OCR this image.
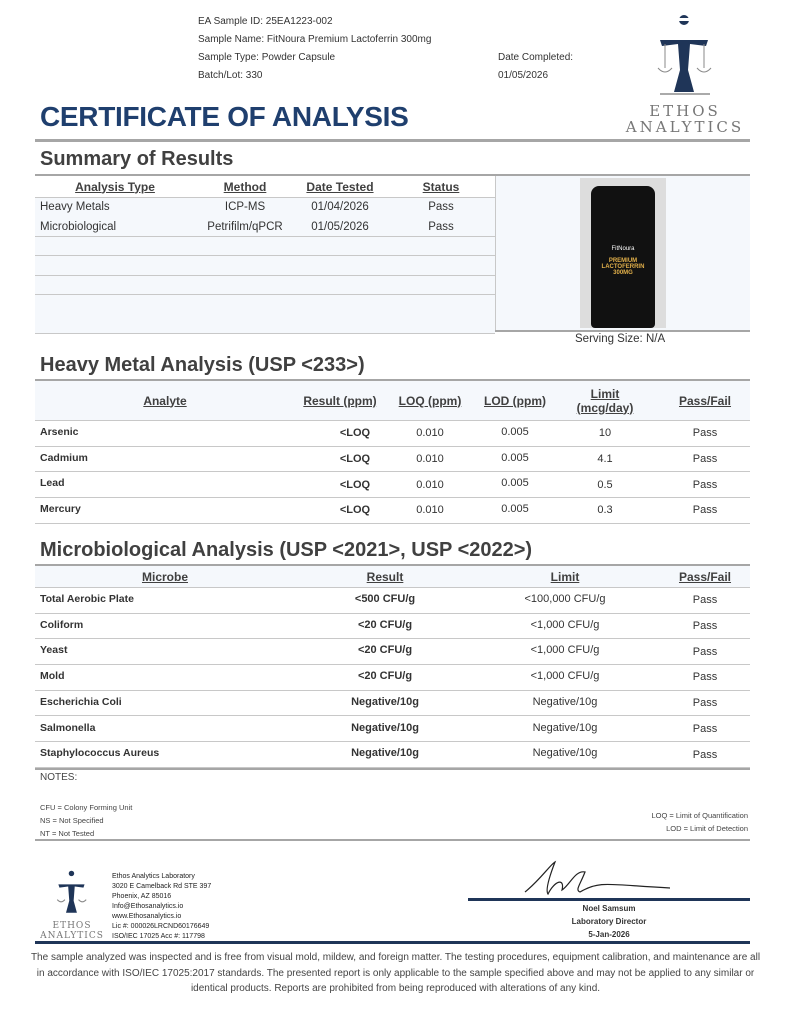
EA Sample ID: 25EA1223-002
Sample Name: FitNoura Premium Lactoferrin 300mg
Sample Type: Powder Capsule
Batch/Lot: 330
Date Completed:
01/05/2026
ETHOS
ANALYTICS
CERTIFICATE OF ANALYSIS
Summary of Results
Analysis Type	Method	Date Tested	Status
Heavy Metals	ICP-MS	01/04/2026	Pass
Microbiological	Petrifilm/qPCR	01/05/2026	Pass
FitNoura
PREMIUM LACTOFERRIN 300MG
Serving Size: N/A
Heavy Metal Analysis (USP <233>)
Analyte	Result (ppm)	LOQ (ppm)	LOD (ppm)	Limit (mcg/day)	Pass/Fail
Arsenic	<LOQ	0.010	0.005	10	Pass
Cadmium	<LOQ	0.010	0.005	4.1	Pass
Lead	<LOQ	0.010	0.005	0.5	Pass
Mercury	<LOQ	0.010	0.005	0.3	Pass
Microbiological Analysis (USP <2021>, USP <2022>)
Microbe	Result	Limit	Pass/Fail
Total Aerobic Plate	<500 CFU/g	<100,000 CFU/g	Pass
Coliform	<20 CFU/g	<1,000 CFU/g	Pass
Yeast	<20 CFU/g	<1,000 CFU/g	Pass
Mold	<20 CFU/g	<1,000 CFU/g	Pass
Escherichia Coli	Negative/10g	Negative/10g	Pass
Salmonella	Negative/10g	Negative/10g	Pass
Staphylococcus Aureus	Negative/10g	Negative/10g	Pass
NOTES:
CFU = Colony Forming Unit
NS = Not Specified
NT = Not Tested
LOQ = Limit of Quantification
LOD = Limit of Detection
ETHOS
ANALYTICS
Ethos Analytics Laboratory
3020 E Camelback Rd STE 397
Phoenix, AZ 85016
Info@Ethosanalytics.io
www.Ethosanalytics.io
Lic #: 000026LRCND60176649
ISO/IEC 17025 Acc #: 117798
Noel Samsum
Laboratory Director
5-Jan-2026
The sample analyzed was inspected and is free from visual mold, mildew, and foreign matter. The testing procedures, equipment calibration, and maintenance are all in accordance with ISO/IEC 17025:2017 standards. The presented report is only applicable to the sample specified above and may not be applied to any similar or identical products. Reports are prohibited from being reproduced with alterations of any kind.
